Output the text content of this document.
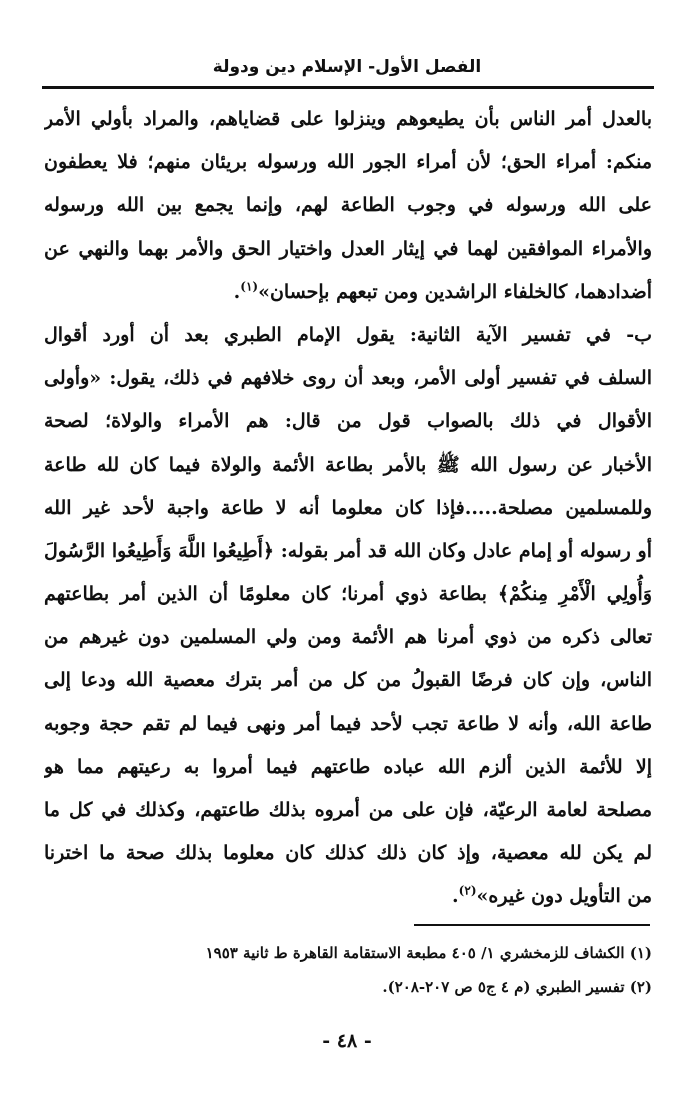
الفصل الأول- الإسلام دين ودولة
بالعدل أمر الناس بأن يطيعوهم وينزلوا على قضاياهم، والمراد بأولي الأمر
منكم: أمراء الحق؛ لأن أمراء الجور الله ورسوله بريئان منهم؛ فلا يعطفون
على الله ورسوله في وجوب الطاعة لهم، وإنما يجمع بين الله ورسوله
والأمراء الموافقين لهما في إيثار العدل واختيار الحق والأمر بهما والنهي عن
أضدادهما، كالخلفاء الراشدين ومن تبعهم بإحسان»$^{(١)}$.
ب- في تفسير الآية الثانية: يقول الإمام الطبري بعد أن أورد أقوال
السلف في تفسير أولى الأمر، وبعد أن روى خلافهم في ذلك، يقول: «وأولى
الأقوال في ذلك بالصواب قول من قال: هم الأمراء والولاة؛ لصحة
الأخبار عن رسول الله ﷺ بالأمر بطاعة الأئمة والولاة فيما كان لله طاعة
وللمسلمين مصلحة.....فإذا كان معلوما أنه لا طاعة واجبة لأحد غير الله
أو رسوله أو إمام عادل وكان الله قد أمر بقوله: ﴿أَطِيعُوا اللَّهَ وَأَطِيعُوا الرَّسُولَ
وَأُولِي الْأَمْرِ مِنكُمْ﴾ بطاعة ذوي أمرنا؛ كان معلومًا أن الذين أمر بطاعتهم
تعالى ذكره من ذوي أمرنا هم الأئمة ومن ولي المسلمين دون غيرهم من
الناس، وإن كان فرضًا القبولُ من كل من أمر بترك معصية الله ودعا إلى
طاعة الله، وأنه لا طاعة تجب لأحد فيما أمر ونهى فيما لم تقم حجة وجوبه
إلا للأئمة الذين ألزم الله عباده طاعتهم فيما أمروا به رعيتهم مما هو
مصلحة لعامة الرعيّة، فإن على من أمروه بذلك طاعتهم، وكذلك في كل ما
لم يكن لله معصية، وإذ كان ذلك كذلك كان معلوما بذلك صحة ما اخترنا
من التأويل دون غيره»$^{(٢)}$.
(١) الكشاف للزمخشري ١/ ٤٠٥ مطبعة الاستقامة القاهرة ط ثانية ١٩٥٣
(٢) تفسير الطبري (م ٤ ج٥ ص ٢٠٧-٢٠٨).
- ٤٨ -
